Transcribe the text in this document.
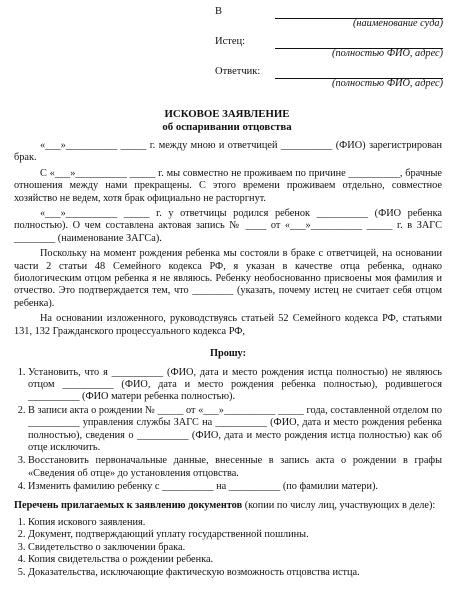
В
(наименование суда)
Истец:
(полностью ФИО, адрес)
Ответчик:
(полностью ФИО, адрес)
ИСКОВОЕ ЗАЯВЛЕНИЕ
об оспаривании отцовства

«___»__________ _____ г. между мною и ответчицей __________ (ФИО) зарегистрирован брак.

С «___»__________ _____ г. мы совместно не проживаем по причине __________, брачные отношения между нами прекращены. С этого времени проживаем отдельно, совместное хозяйство не ведем, хотя брак официально не расторгнут.

«___»__________ _____ г. у ответчицы родился ребенок __________ (ФИО ребенка полностью). О чем составлена актовая запись № ____ от «___»__________ _____ г. в ЗАГС ________ (наименование ЗАГСа).

Поскольку на момент рождения ребенка мы состояли в браке с ответчицей, на основании части 2 статьи 48 Семейного кодекса РФ, я указан в качестве отца ребенка, однако биологическим отцом ребенка я не являюсь. Ребенку необоснованно присвоены моя фамилия и отчество. Это подтверждается тем, что ________ (указать, почему истец не считает себя отцом ребенка).

На основании изложенного, руководствуясь статьей 52 Семейного кодекса РФ, статьями 131, 132 Гражданского процессуального кодекса РФ,

Прошу:
1. Установить, что я __________ (ФИО, дата и место рождения истца полностью) не являюсь отцом __________ (ФИО, дата и место рождения ребенка полностью), родившегося __________ (ФИО матери ребенка полностью).
2. В записи акта о рождении № _____ от «___»__________ _____ года, составленной отделом по __________ управления службы ЗАГС на __________ (ФИО, дата и место рождения ребенка полностью), сведения о __________ (ФИО, дата и место рождения истца полностью) как об отце исключить.
3. Восстановить первоначальные данные, внесенные в запись акта о рождении в графы «Сведения об отце» до установления отцовства.
4. Изменить фамилию ребенку с __________ на __________ (по фамилии матери).

Перечень прилагаемых к заявлению документов (копии по числу лиц, участвующих в деле):

1. Копия искового заявления.
2. Документ, подтверждающий уплату государственной пошлины.
3. Свидетельство о заключении брака.
4. Копия свидетельства о рождении ребенка.
5. Доказательства, исключающие фактическую возможность отцовства истца.
